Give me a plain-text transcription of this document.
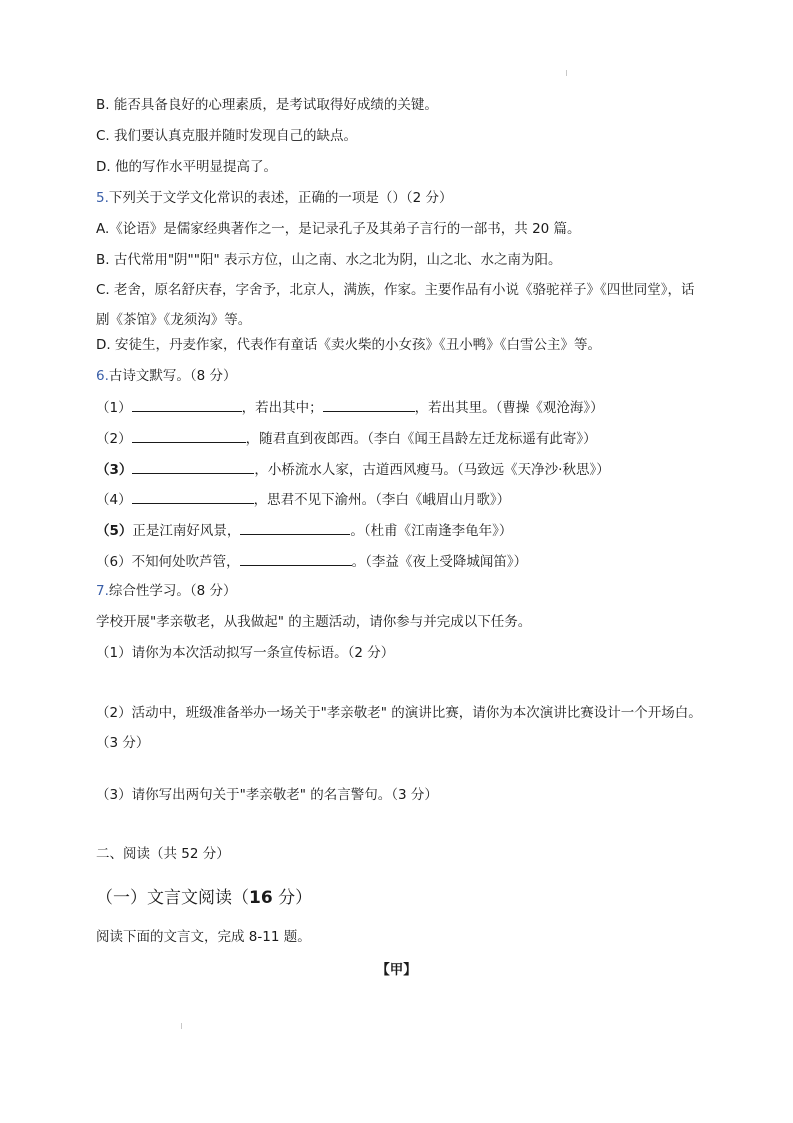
B. 能否具备良好的心理素质，是考试取得好成绩的关键。
C. 我们要认真克服并随时发现自己的缺点。
D. 他的写作水平明显提高了。
5.下列关于文学文化常识的表述，正确的一项是（）（2 分）
A.《论语》是儒家经典著作之一，是记录孔子及其弟子言行的一部书，共 20 篇。
B. 古代常用"阴""阳" 表示方位，山之南、水之北为阴，山之北、水之南为阳。
C. 老舍，原名舒庆春，字舍予，北京人，满族，作家。主要作品有小说《骆驼祥子》《四世同堂》，话剧《茶馆》《龙须沟》等。
D. 安徒生，丹麦作家，代表作有童话《卖火柴的小女孩》《丑小鸭》《白雪公主》等。
6.古诗文默写。（8 分）
（1）	，若出其中；	，若出其里。（曹操《观沧海》）
（2）	，随君直到夜郎西。（李白《闻王昌龄左迁龙标遥有此寄》）
（3）	，小桥流水人家，古道西风瘦马。（马致远《天净沙·秋思》）
（4）	，思君不见下渝州。（李白《峨眉山月歌》）
（5）正是江南好风景，	。（杜甫《江南逢李龟年》）
（6）不知何处吹芦管，	。（李益《夜上受降城闻笛》）
7.综合性学习。（8 分）
学校开展"孝亲敬老，从我做起" 的主题活动，请你参与并完成以下任务。
（1）请你为本次活动拟写一条宣传标语。（2 分）
（2）活动中，班级准备举办一场关于"孝亲敬老" 的演讲比赛，请你为本次演讲比赛设计一个开场白。（3 分）
（3）请你写出两句关于"孝亲敬老" 的名言警句。（3 分）
二、阅读（共 52 分）
（一）文言文阅读（16 分）
阅读下面的文言文，完成 8-11 题。
【甲】
